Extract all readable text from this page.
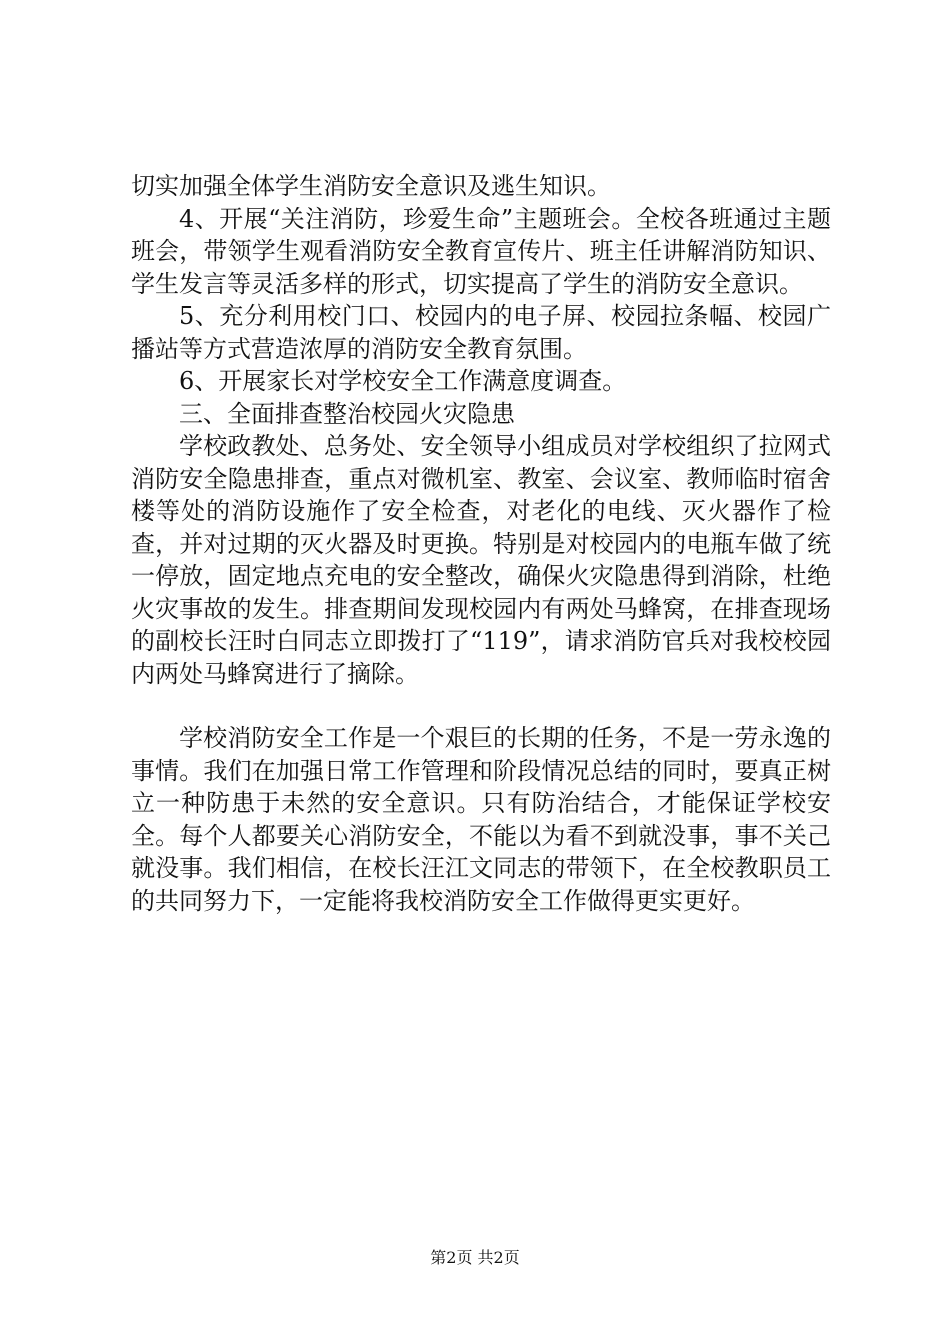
切实加强全体学生消防安全意识及逃生知识。

4、开展“关注消防，珍爱生命”主题班会。全校各班通过主题班会，带领学生观看消防安全教育宣传片、班主任讲解消防知识、学生发言等灵活多样的形式，切实提高了学生的消防安全意识。

5、充分利用校门口、校园内的电子屏、校园拉条幅、校园广播站等方式营造浓厚的消防安全教育氛围。

6、开展家长对学校安全工作满意度调查。

三、全面排查整治校园火灾隐患

学校政教处、总务处、安全领导小组成员对学校组织了拉网式消防安全隐患排查，重点对微机室、教室、会议室、教师临时宿舍楼等处的消防设施作了安全检查，对老化的电线、灭火器作了检查，并对过期的灭火器及时更换。特别是对校园内的电瓶车做了统一停放，固定地点充电的安全整改，确保火灾隐患得到消除，杜绝火灾事故的发生。排查期间发现校园内有两处马蜂窝，在排查现场的副校长汪时白同志立即拨打了“119”，请求消防官兵对我校校园内两处马蜂窝进行了摘除。

学校消防安全工作是一个艰巨的长期的任务，不是一劳永逸的事情。我们在加强日常工作管理和阶段情况总结的同时，要真正树立一种防患于未然的安全意识。只有防治结合，才能保证学校安全。每个人都要关心消防安全，不能以为看不到就没事，事不关己就没事。我们相信，在校长汪江文同志的带领下，在全校教职员工的共同努力下，一定能将我校消防安全工作做得更实更好。

第2页 共2页
